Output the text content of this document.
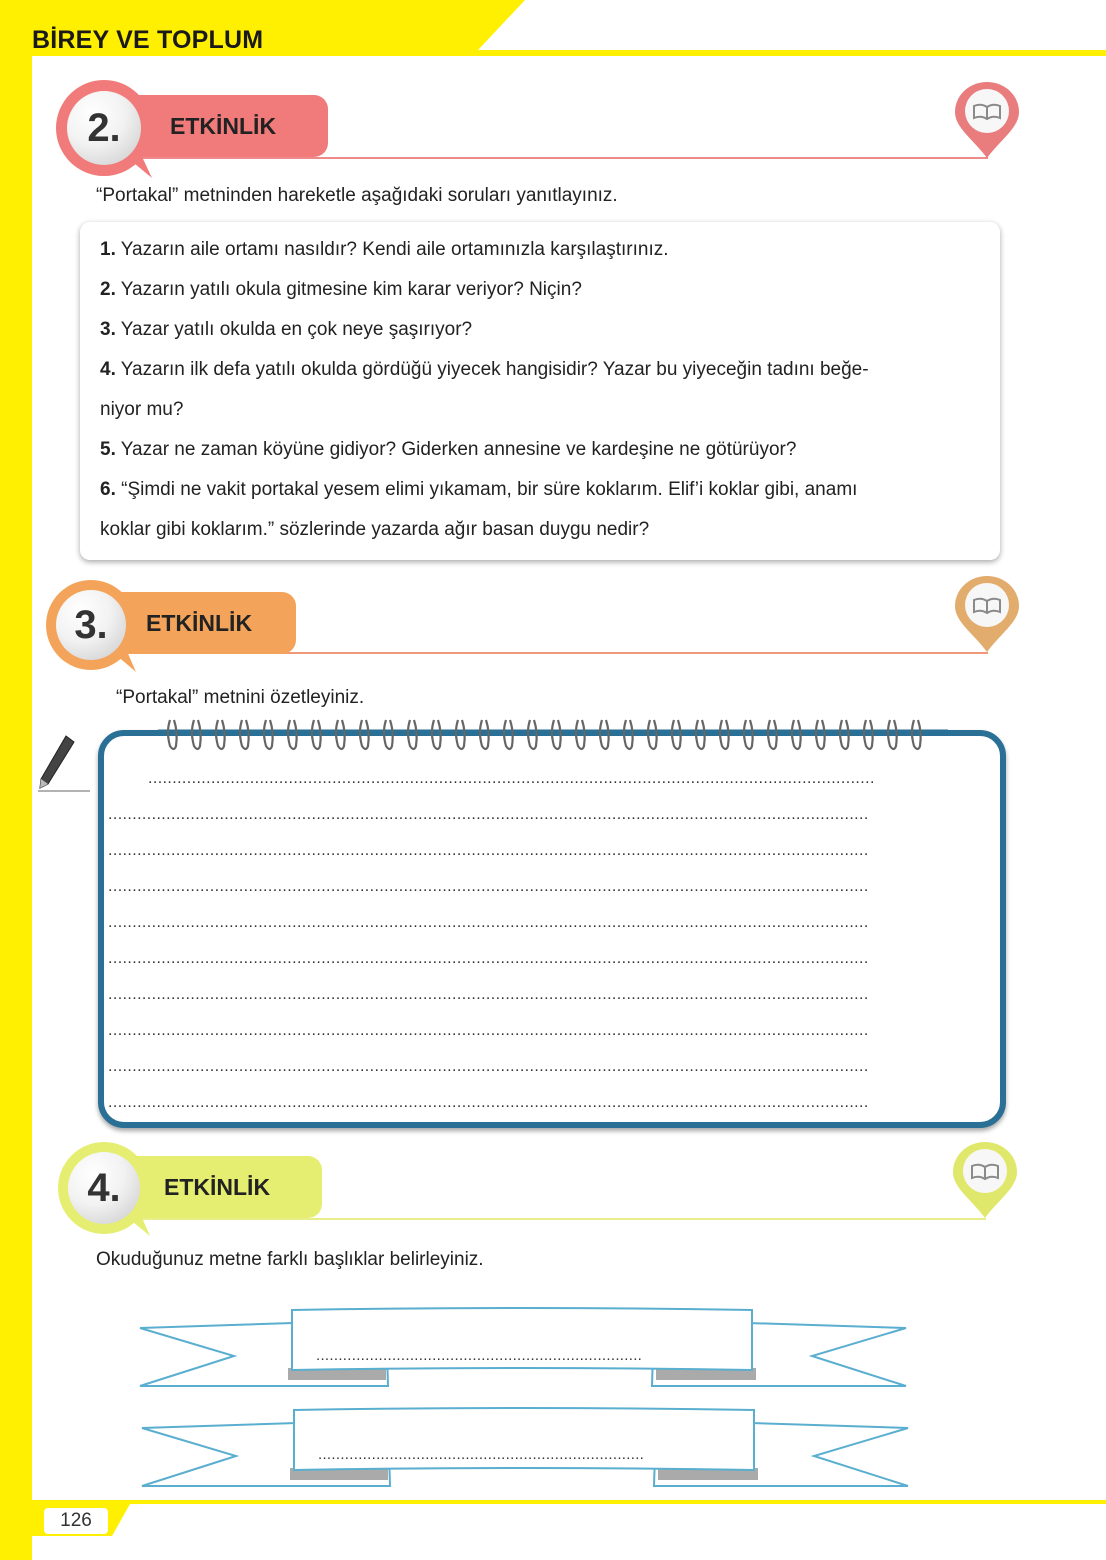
BİREY VE TOPLUM
126
ETKİNLİK
2.
“Portakal” metninden hareketle aşağıdaki soruları yanıtlayınız.
1. Yazarın aile ortamı nasıldır? Kendi aile ortamınızla karşılaştırınız.
2. Yazarın yatılı okula gitmesine kim karar veriyor? Niçin?
3. Yazar yatılı okulda en çok neye şaşırıyor?
4. Yazarın ilk defa yatılı okulda gördüğü yiyecek hangisidir? Yazar bu yiyeceğin tadını beğe-
niyor mu?
5. Yazar ne zaman köyüne gidiyor? Giderken annesine ve kardeşine ne götürüyor?
6. “Şimdi ne vakit portakal yesem elimi yıkamam, bir süre koklarım. Elif’i koklar gibi, anamı
koklar gibi koklarım.” sözlerinde yazarda ağır basan duygu nedir?
ETKİNLİK
3.
“Portakal” metnini özetleyiniz.
......................................................................................................................................................
.............................................................................................................................................................
.............................................................................................................................................................
.............................................................................................................................................................
.............................................................................................................................................................
.............................................................................................................................................................
.............................................................................................................................................................
.............................................................................................................................................................
.............................................................................................................................................................
.............................................................................................................................................................
ETKİNLİK
4.
Okuduğunuz metne farklı başlıklar belirleyiniz.
.........................................................................
.........................................................................
